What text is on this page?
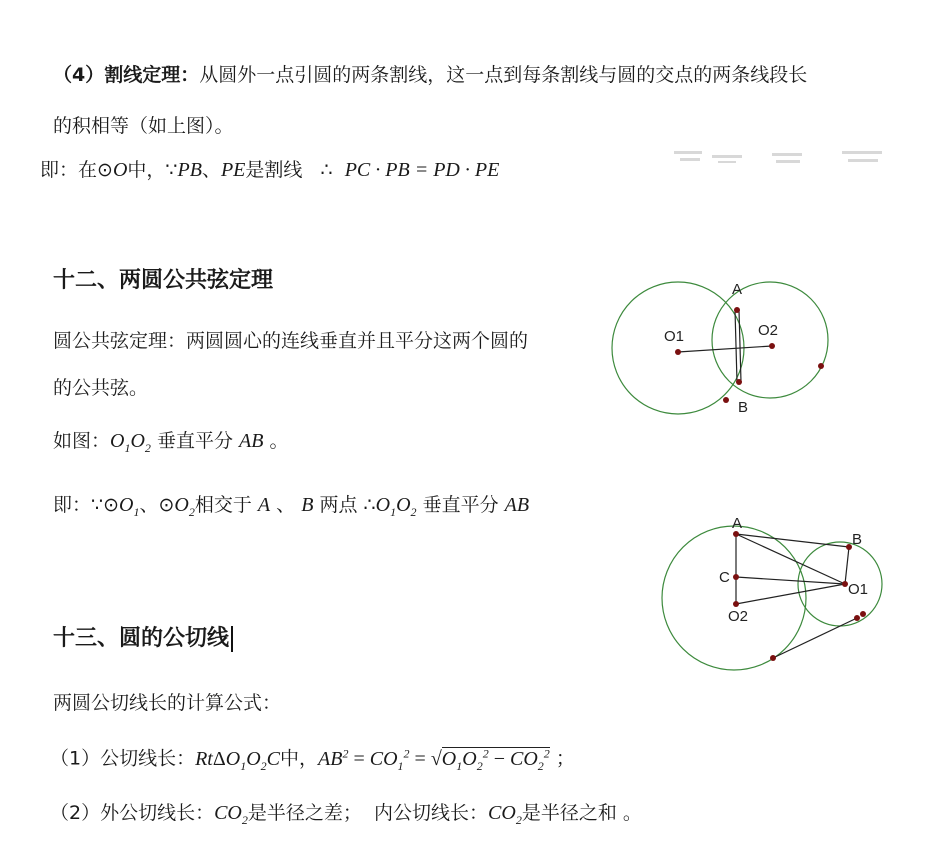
（4）割线定理：从圆外一点引圆的两条割线，这一点到每条割线与圆的交点的两条线段长
的积相等（如上图）。
即：在⊙O中，∵PB、PE是割线 ∴ PC · PB = PD · PE
十二、两圆公共弦定理
圆公共弦定理：两圆圆心的连线垂直并且平分这两个圆的
的公共弦。
如图：$O_1O_2$ 垂直平分 AB 。
即：$\because⊙O_1$、$⊙O_2$相交于 A 、 B 两点 $\therefore O_1O_2$ 垂直平分 AB
A
B
O1	O2
A
B
C
O2
O1
十三、圆的公切线
两圆公切线长的计算公式：
（1）公切线长：$Rt\Delta O_1O_2C$中，$AB^2 = CO_1^2 = √O_1O_2^2 - CO_2^2$ ；
（2）外公切线长：$CO_2$是半径之差； 内公切线长：$CO_2$是半径之和 。
